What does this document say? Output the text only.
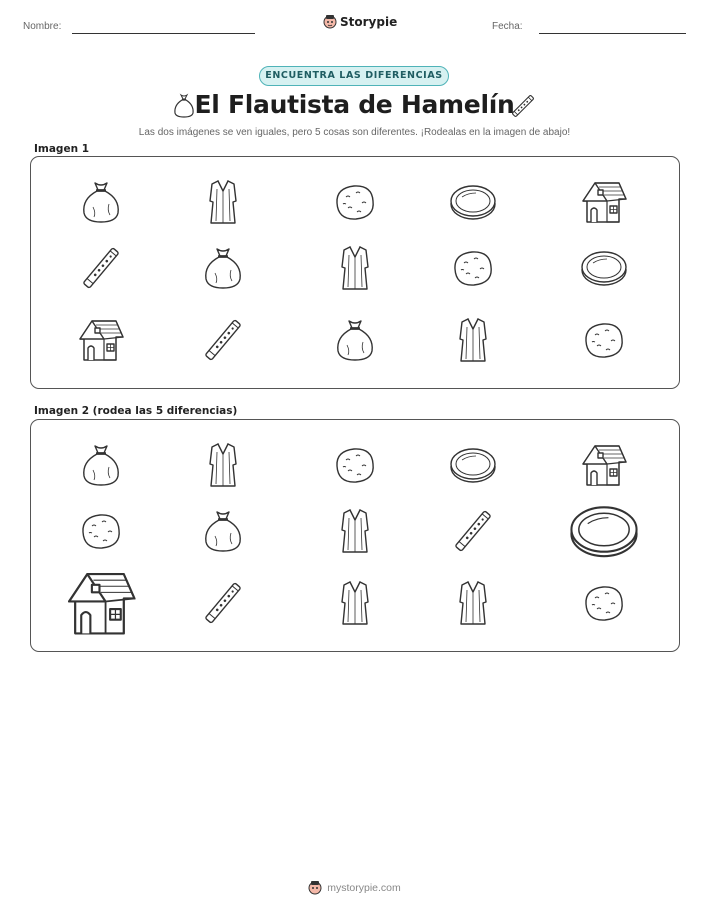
Nombre:	Storypie	Fecha:
ENCUENTRA LAS DIFERENCIAS
El Flautista de Hamelín
Las dos imágenes se ven iguales, pero 5 cosas son diferentes. ¡Rodealas en la imagen de abajo!
Imagen 1
Imagen 2 (rodea las 5 diferencias)
mystorypie.com
